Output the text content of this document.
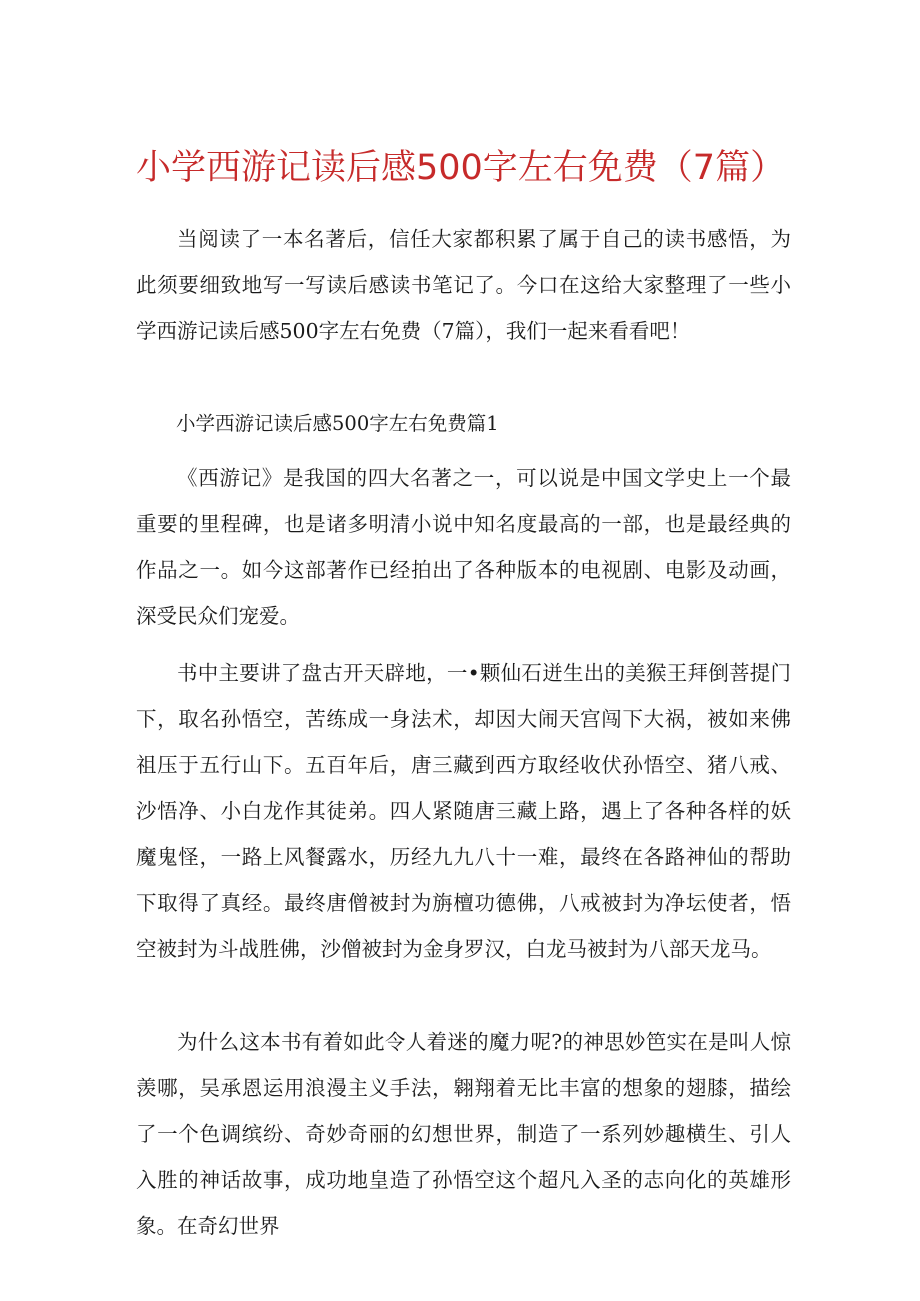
小学西游记读后感500字左右免费（7篇）

当阅读了一本名著后，信任大家都积累了属于自己的读书感悟，为此须要细致地写一写读后感读书笔记了。今口在这给大家整理了一些小学西游记读后感500字左右免费（7篇），我们一起来看看吧！

小学西游记读后感500字左右免费篇1

《西游记》是我国的四大名著之一，可以说是中国文学史上一个最重要的里程碑，也是诸多明清小说中知名度最高的一部，也是最经典的作品之一。如今这部著作已经拍出了各种版本的电视剧、电影及动画，深受民众们宠爱。

书中主要讲了盘古开天辟地，一•颗仙石迸生出的美猴王拜倒菩提门下，取名孙悟空，苦练成一身法术，却因大闹天宫闯下大祸，被如来佛祖压于五行山下。五百年后，唐三藏到西方取经收伏孙悟空、猪八戒、沙悟净、小白龙作其徒弟。四人紧随唐三藏上路，遇上了各种各样的妖魔鬼怪，一路上风餐露水，历经九九八十一难，最终在各路神仙的帮助下取得了真经。最终唐僧被封为旃檀功德佛，八戒被封为净坛使者，悟空被封为斗战胜佛，沙僧被封为金身罗汉，白龙马被封为八部天龙马。

为什么这本书有着如此令人着迷的魔力呢?的神思妙笆实在是叫人惊羡哪，吴承恩运用浪漫主义手法，翱翔着无比丰富的想象的翅膝，描绘了一个色调缤纷、奇妙奇丽的幻想世界，制造了一系列妙趣横生、引人入胜的神话故事，成功地皇造了孙悟空这个超凡入圣的志向化的英雄形象。在奇幻世界
